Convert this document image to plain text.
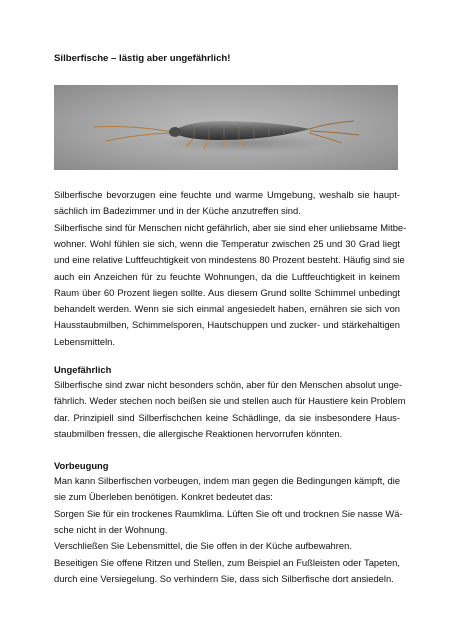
Silberfische – lästig aber ungefährlich!
Silberfische bevorzugen eine feuchte und warme Umgebung, weshalb sie haupt-
sächlich im Badezimmer und in der Küche anzutreffen sind.
Silberfische sind für Menschen nicht gefährlich, aber sie sind eher unliebsame Mitbe-
wohner. Wohl fühlen sie sich, wenn die Temperatur zwischen 25 und 30 Grad liegt
und eine relative Luftfeuchtigkeit von mindestens 80 Prozent besteht. Häufig sind sie
auch ein Anzeichen für zu feuchte Wohnungen, da die Luftfeuchtigkeit in keinem
Raum über 60 Prozent liegen sollte. Aus diesem Grund sollte Schimmel unbedingt
behandelt werden. Wenn sie sich einmal angesiedelt haben, ernähren sie sich von
Hausstaubmilben, Schimmelsporen, Hautschuppen und zucker- und stärkehaltigen
Lebensmitteln.
Ungefährlich
Silberfische sind zwar nicht besonders schön, aber für den Menschen absolut unge-
fährlich. Weder stechen noch beißen sie und stellen auch für Haustiere kein Problem
dar. Prinzipiell sind Silberfischchen keine Schädlinge, da sie insbesondere Haus-
staubmilben fressen, die allergische Reaktionen hervorrufen könnten.
Vorbeugung
Man kann Silberfischen vorbeugen, indem man gegen die Bedingungen kämpft, die
sie zum Überleben benötigen. Konkret bedeutet das:
Sorgen Sie für ein trockenes Raumklima. Lüften Sie oft und trocknen Sie nasse Wä-
sche nicht in der Wohnung.
Verschließen Sie Lebensmittel, die Sie offen in der Küche aufbewahren.
Beseitigen Sie offene Ritzen und Stellen, zum Beispiel an Fußleisten oder Tapeten,
durch eine Versiegelung. So verhindern Sie, dass sich Silberfische dort ansiedeln.
